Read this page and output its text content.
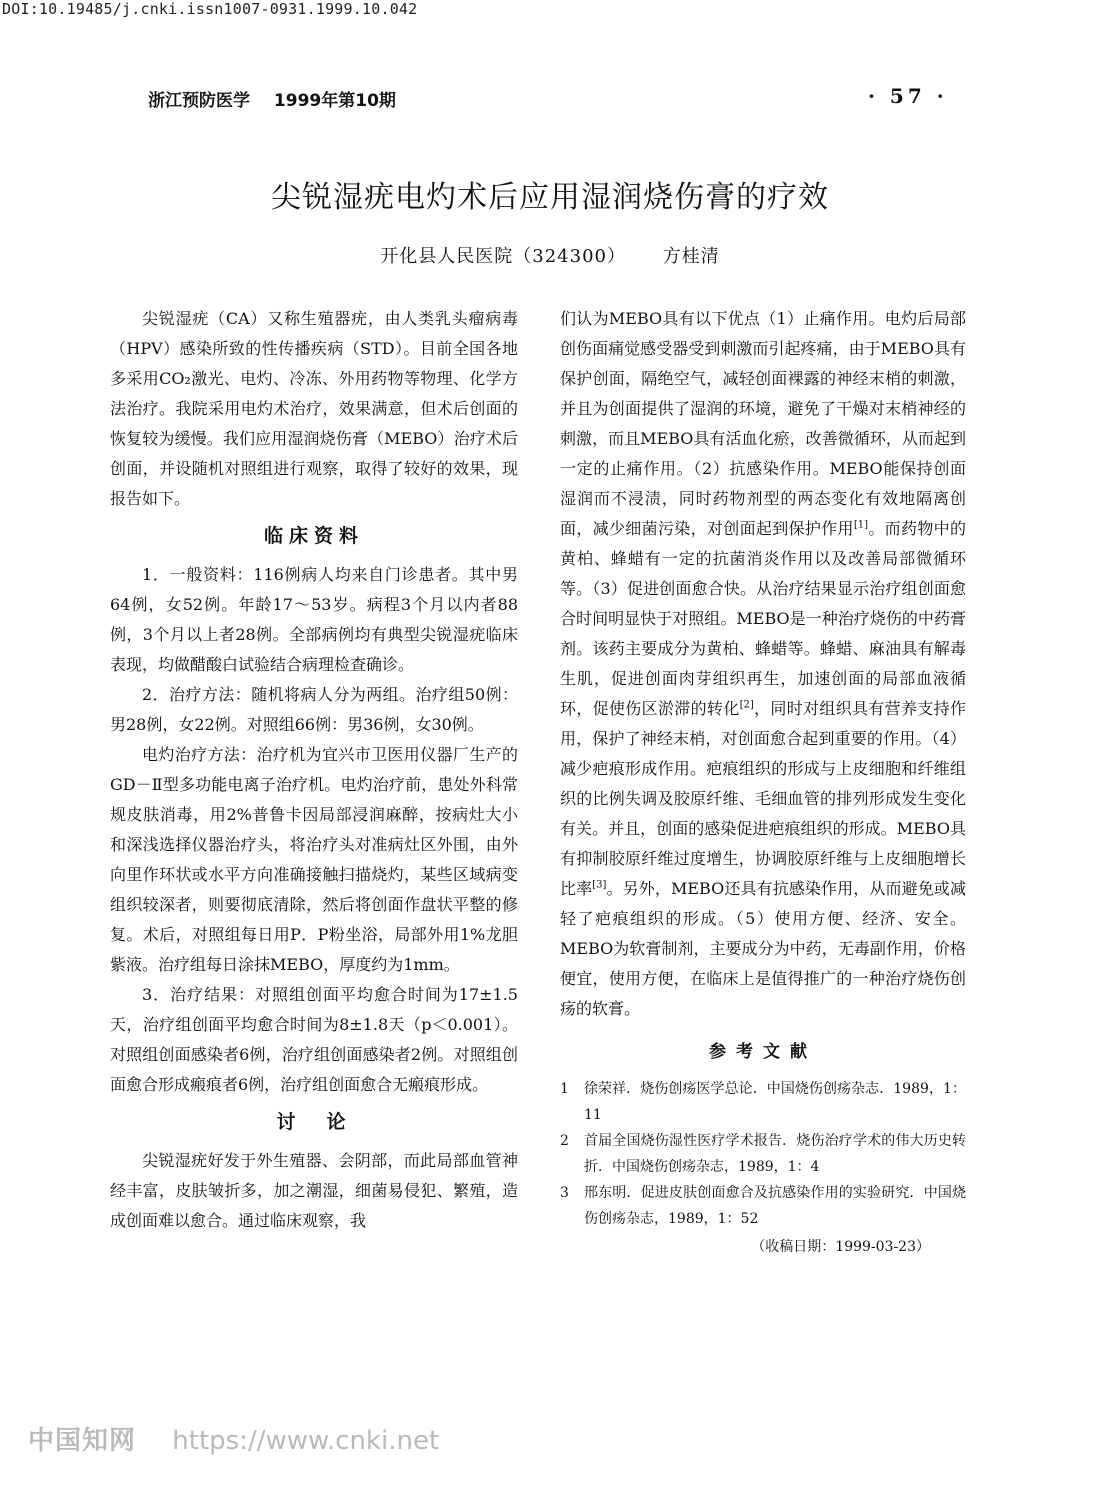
DOI:10.19485/j.cnki.issn1007-0931.1999.10.042
浙江预防医学 1999年第10期	· 57 ·
尖锐湿疣电灼术后应用湿润烧伤膏的疗效
开化县人民医院（324300） 方桂清

尖锐湿疣（CA）又称生殖器疣，由人类乳头瘤病毒（HPV）感染所致的性传播疾病（STD）。目前全国各地多采用CO₂激光、电灼、冷冻、外用药物等物理、化学方法治疗。我院采用电灼术治疗，效果满意，但术后创面的恢复较为缓慢。我们应用湿润烧伤膏（MEBO）治疗术后创面，并设随机对照组进行观察，取得了较好的效果，现报告如下。

临床资料

1．一般资料：116例病人均来自门诊患者。其中男64例，女52例。年龄17～53岁。病程3个月以内者88例，3个月以上者28例。全部病例均有典型尖锐湿疣临床表现，均做醋酸白试验结合病理检查确诊。

2．治疗方法：随机将病人分为两组。治疗组50例：男28例，女22例。对照组66例：男36例，女30例。

电灼治疗方法：治疗机为宜兴市卫医用仪器厂生产的GD－Ⅱ型多功能电离子治疗机。电灼治疗前，患处外科常规皮肤消毒，用2%普鲁卡因局部浸润麻醉，按病灶大小和深浅选择仪器治疗头，将治疗头对准病灶区外围，由外向里作环状或水平方向准确接触扫描烧灼，某些区域病变组织较深者，则要彻底清除，然后将创面作盘状平整的修复。术后，对照组每日用P．P粉坐浴，局部外用1%龙胆紫液。治疗组每日涂抹MEBO，厚度约为1mm。

3．治疗结果：对照组创面平均愈合时间为17±1.5天，治疗组创面平均愈合时间为8±1.8天（p＜0.001）。对照组创面感染者6例，治疗组创面感染者2例。对照组创面愈合形成瘢痕者6例，治疗组创面愈合无瘢痕形成。

讨　论

尖锐湿疣好发于外生殖器、会阴部，而此局部血管神经丰富，皮肤皱折多，加之潮湿，细菌易侵犯、繁殖，造成创面难以愈合。通过临床观察，我

们认为MEBO具有以下优点（1）止痛作用。电灼后局部创伤面痛觉感受器受到刺激而引起疼痛，由于MEBO具有保护创面，隔绝空气，减轻创面裸露的神经末梢的刺激，并且为创面提供了湿润的环境，避免了干燥对末梢神经的刺激，而且MEBO具有活血化瘀，改善微循环，从而起到一定的止痛作用。（2）抗感染作用。MEBO能保持创面湿润而不浸渍，同时药物剂型的两态变化有效地隔离创面，减少细菌污染，对创面起到保护作用[1]。而药物中的黄柏、蜂蜡有一定的抗菌消炎作用以及改善局部微循环等。（3）促进创面愈合快。从治疗结果显示治疗组创面愈合时间明显快于对照组。MEBO是一种治疗烧伤的中药膏剂。该药主要成分为黄柏、蜂蜡等。蜂蜡、麻油具有解毒生肌，促进创面肉芽组织再生，加速创面的局部血液循环，促使伤区淤滞的转化[2]，同时对组织具有营养支持作用，保护了神经末梢，对创面愈合起到重要的作用。（4）减少疤痕形成作用。疤痕组织的形成与上皮细胞和纤维组织的比例失调及胶原纤维、毛细血管的排列形成发生变化有关。并且，创面的感染促进疤痕组织的形成。MEBO具有抑制胶原纤维过度增生，协调胶原纤维与上皮细胞增长比率[3]。另外，MEBO还具有抗感染作用，从而避免或减轻了疤痕组织的形成。（5）使用方便、经济、安全。MEBO为软膏制剂，主要成分为中药，无毒副作用，价格便宜，使用方便，在临床上是值得推广的一种治疗烧伤创疡的软膏。

参考文献
1 徐荣祥．烧伤创疡医学总论．中国烧伤创疡杂志．1989，1：11
2 首届全国烧伤湿性医疗学术报告．烧伤治疗学术的伟大历史转折．中国烧伤创疡杂志，1989，1：4
3 邢东明．促进皮肤创面愈合及抗感染作用的实验研究．中国烧伤创疡杂志，1989，1：52
（收稿日期：1999-03-23）
中国知网 https://www.cnki.net
